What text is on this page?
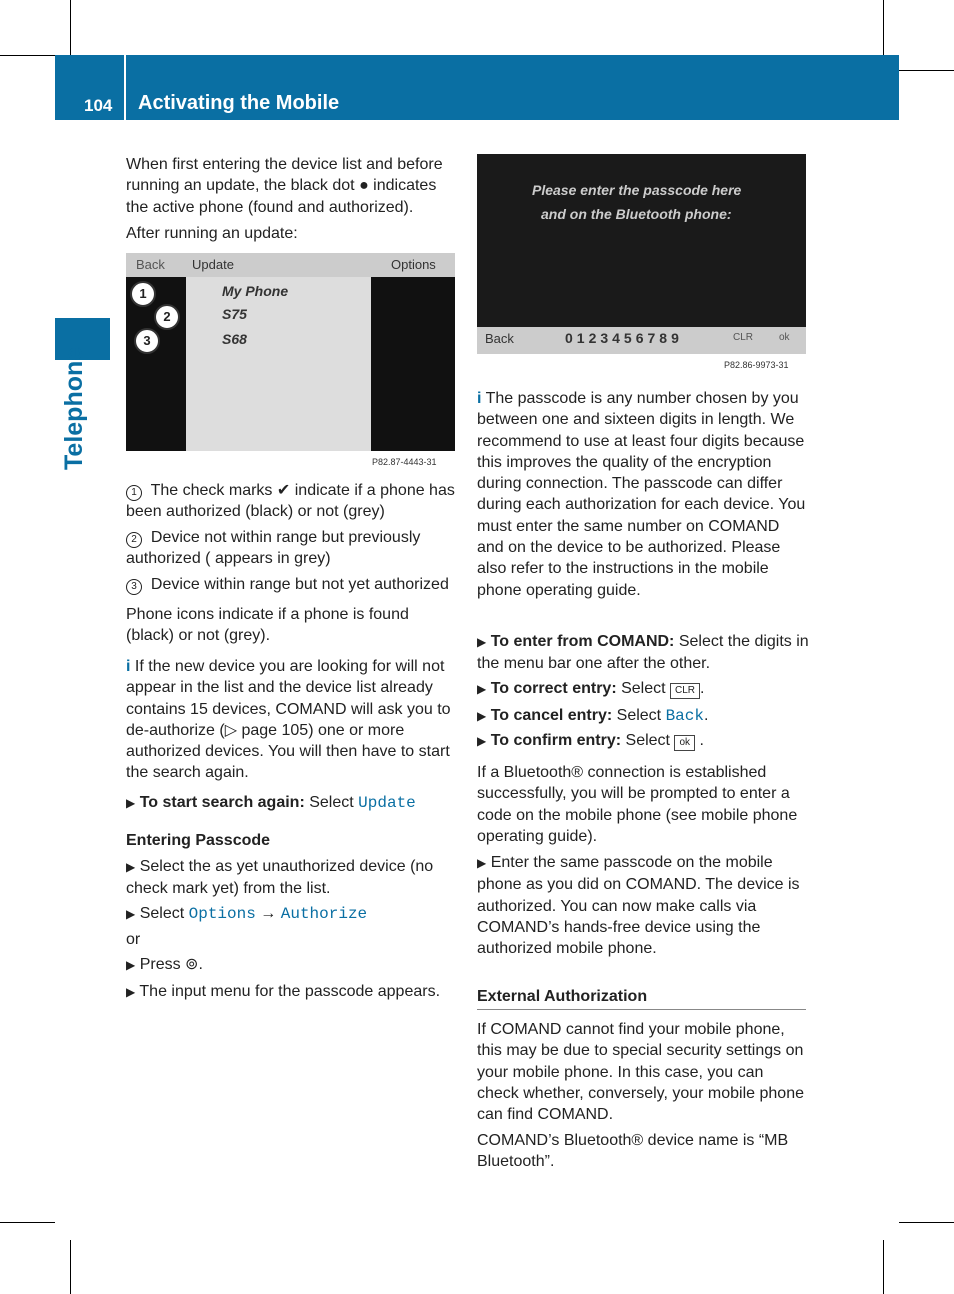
104 Activating the Mobile
Telephone
When first entering the device list and before running an update, the black dot ● indicates the active phone (found and authorized).
After running an update:
Back Update	Options
My Phone
S75
S68
1
2
3
P82.87-4443-31
1 The check marks ✔ indicate if a phone has been authorized (black) or not (grey)
2 Device not within range but previously authorized ( appears in grey)
3 Device within range but not yet authorized
Phone icons indicate if a phone is found (black) or not (grey).
i If the new device you are looking for will not appear in the list and the device list already contains 15 devices, COMAND will ask you to de-authorize (▷ page 105) one or more authorized devices. You will then have to start the search again.
▶ To start search again: Select Update
Entering Passcode
▶ Select the as yet unauthorized device (no check mark yet) from the list.
▶ Select Options → Authorize
or
▶ Press ⊚.
▶ The input menu for the passcode appears.
Please enter the passcode here
and on the Bluetooth phone:
Back	0123456789	CLR	ok
P82.86-9973-31
i The passcode is any number chosen by you between one and sixteen digits in length. We recommend to use at least four digits because this improves the quality of the encryption during connection. The passcode can differ during each authorization for each device. You must enter the same number on COMAND and on the device to be authorized. Please also refer to the instructions in the mobile phone operating guide.
▶ To enter from COMAND: Select the digits in the menu bar one after the other.
▶ To correct entry: Select CLR .
▶ To cancel entry: Select Back.
▶ To confirm entry: Select ok .
If a Bluetooth® connection is established successfully, you will be prompted to enter a code on the mobile phone (see mobile phone operating guide).
▶ Enter the same passcode on the mobile phone as you did on COMAND. The device is authorized. You can now make calls via COMAND’s hands-free device using the authorized mobile phone.
External Authorization
If COMAND cannot find your mobile phone, this may be due to special security settings on your mobile phone. In this case, you can check whether, conversely, your mobile phone can find COMAND.
COMAND’s Bluetooth® device name is “MB Bluetooth”.
